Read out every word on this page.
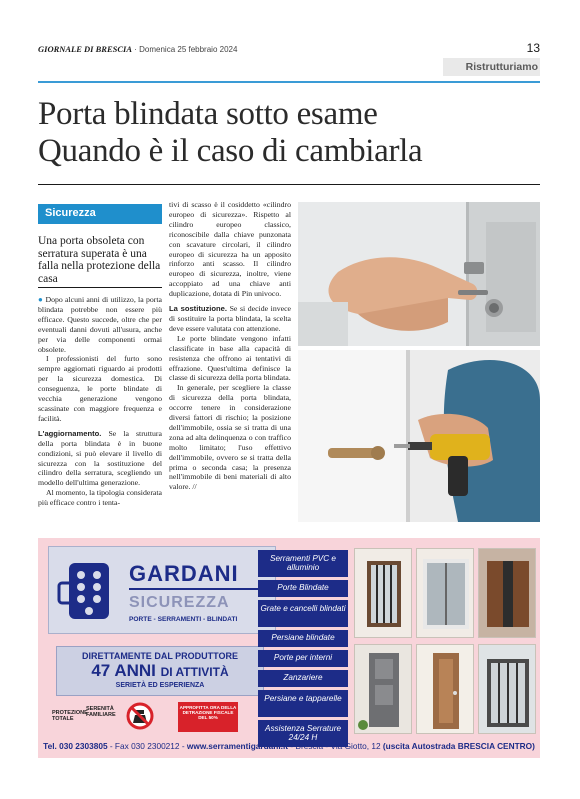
GIORNALE DI BRESCIA · Domenica 25 febbraio 2024	13
Ristrutturiamo
Porta blindata sotto esame
Quando è il caso di cambiarla
Sicurezza
Una porta obsoleta con serratura superata è una falla nella protezione della casa

● Dopo alcuni anni di utilizzo, la porta blindata potrebbe non essere più efficace. Questo succede, oltre che per eventuali danni dovuti all'usura, anche per via delle componenti ormai obsolete.

I professionisti del furto sono sempre aggiornati riguardo ai prodotti per la sicurezza domestica. Di conseguenza, le porte blindate di vecchia generazione vengono scassinate con maggiore frequenza e facilità.

L'aggiornamento. Se la struttura della porta blindata è in buone condizioni, si può elevare il livello di sicurezza con la sostituzione del cilindro della serratura, scegliendo un modello dell'ultima generazione.

Al momento, la tipologia considerata più efficace contro i tenta-

tivi di scasso è il cosiddetto «cilindro europeo di sicurezza». Rispetto al cilindro europeo classico, riconoscibile dalla chiave punzonata con scavature circolari, il cilindro europeo di sicurezza ha un apposito rinforzo anti scasso. Il cilindro europeo di sicurezza, inoltre, viene accoppiato ad una chiave anti duplicazione, dotata di Pin univoco.

La sostituzione. Se si decide invece di sostituire la porta blindata, la scelta deve essere valutata con attenzione.

Le porte blindate vengono infatti classificate in base alla capacità di resistenza che offrono ai tentativi di effrazione. Quest'ultima definisce la classe di sicurezza della porta blindata.

In generale, per scegliere la classe di sicurezza della porta blindata, occorre tenere in considerazione diversi fattori di rischio; la posizione dell'immobile, ossia se si tratta di una zona ad alta delinquenza o con traffico molto limitato; l'uso effettivo dell'immobile, ovvero se si tratta della prima o seconda casa; la presenza nell'immobile di beni materiali di alto valore. //

GARDANI
SICUREZZA
PORTE - SERRAMENTI - BLINDATI
DIRETTAMENTE DAL PRODUTTORE
47 ANNI DI ATTIVITÀ
SERIETÀ ED ESPERIENZA
PROTEZIONE TOTALE
SERENITÀ FAMILIARE
APPROFITTA ORA DELLA DETRAZIONE FISCALE DEL 50%
Serramenti PVC e alluminio
Porte Blindate
Grate e cancelli blindati
Persiane blindate
Porte per interni
Zanzariere
Persiane e tapparelle
Assistenza Serrature 24/24 H
Tel. 030 2303805 - Fax 030 2300212 - www.serramentigardani.it - Brescia - Via Giotto, 12 (uscita Autostrada BRESCIA CENTRO)
